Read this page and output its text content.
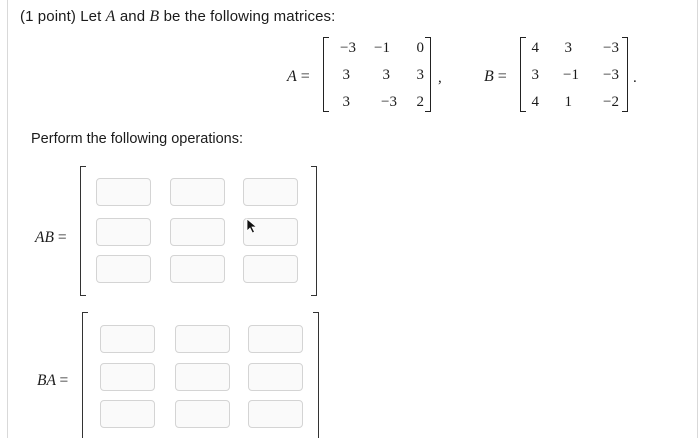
(1 point) Let A and B be the following matrices:
A =
−3	−1	0
3	3	3
3	−3	2
,	B =
4	3	−3
3	−1	−3
4	1	−2
.
Perform the following operations:
AB =
BA =
